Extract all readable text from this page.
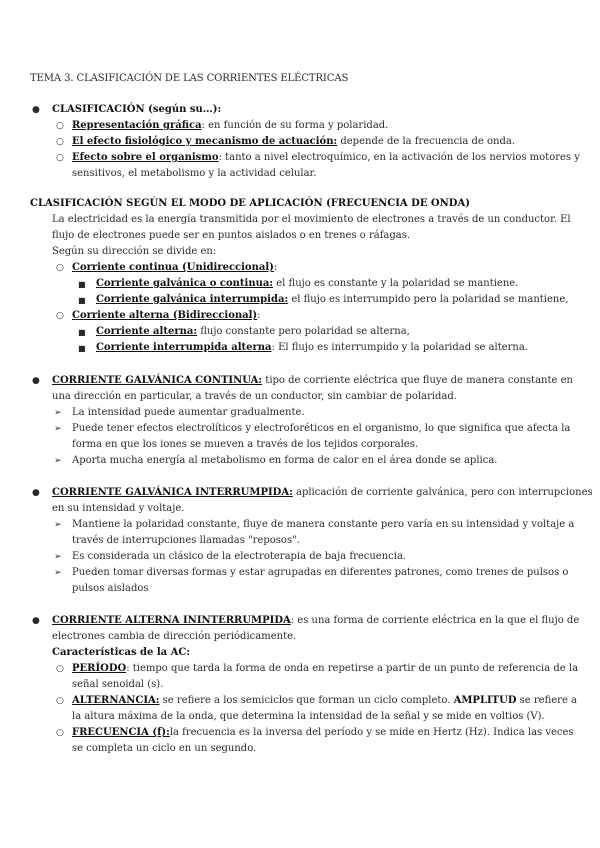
TEMA 3. CLASIFICACIÓN DE LAS CORRIENTES ELÉCTRICAS
● CLASIFICACIÓN (según su…):
○ Representación gráfica: en función de su forma y polaridad.
○ El efecto fisiológico y mecanismo de actuación: depende de la frecuencia de onda.
○ Efecto sobre el organismo: tanto a nivel electroquímico, en la activación de los nervios motores y
sensitivos, el metabolismo y la actividad celular.
CLASIFICACIÓN SEGÚN EL MODO DE APLICACIÓN (FRECUENCIA DE ONDA)
La electricidad es la energía transmitida por el movimiento de electrones a través de un conductor. El
flujo de electrones puede ser en puntos aislados o en trenes o ráfagas.
Según su dirección se divide en:
○ Corriente continua (Unidireccional):
■ Corriente galvánica o continua: el flujo es constante y la polaridad se mantiene.
■ Corriente galvánica interrumpida: el flujo es interrumpido pero la polaridad se mantiene,
○ Corriente alterna (Bidireccional):
■ Corriente alterna: flujo constante pero polaridad se alterna,
■ Corriente interrumpida alterna: El flujo es interrumpido y la polaridad se alterna.
● CORRIENTE GALVÁNICA CONTINUA: tipo de corriente eléctrica que fluye de manera constante en
una dirección en particular, a través de un conductor, sin cambiar de polaridad.
➢ La intensidad puede aumentar gradualmente.
➢ Puede tener efectos electrolíticos y electroforéticos en el organismo, lo que significa que afecta la
forma en que los iones se mueven a través de los tejidos corporales.
➢ Aporta mucha energía al metabolismo en forma de calor en el área donde se aplica.
● CORRIENTE GALVÁNICA INTERRUMPIDA: aplicación de corriente galvánica, pero con interrupciones
en su intensidad y voltaje.
➢ Mantiene la polaridad constante, fluye de manera constante pero varía en su intensidad y voltaje a
través de interrupciones llamadas "reposos".
➢ Es considerada un clásico de la electroterapia de baja frecuencia.
➢ Pueden tomar diversas formas y estar agrupadas en diferentes patrones, como trenes de pulsos o
pulsos aislados
● CORRIENTE ALTERNA ININTERRUMPIDA: es una forma de corriente eléctrica en la que el flujo de
electrones cambia de dirección periódicamente.
Características de la AC:
○ PERÍODO: tiempo que tarda la forma de onda en repetirse a partir de un punto de referencia de la
señal senoidal (s).
○ ALTERNANCIA: se refiere a los semiciclos que forman un ciclo completo. AMPLITUD se refiere a
la altura máxima de la onda, que determina la intensidad de la señal y se mide en voltios (V).
○ FRECUENCIA (f):la frecuencia es la inversa del período y se mide en Hertz (Hz). Indica las veces
se completa un ciclo en un segundo.
